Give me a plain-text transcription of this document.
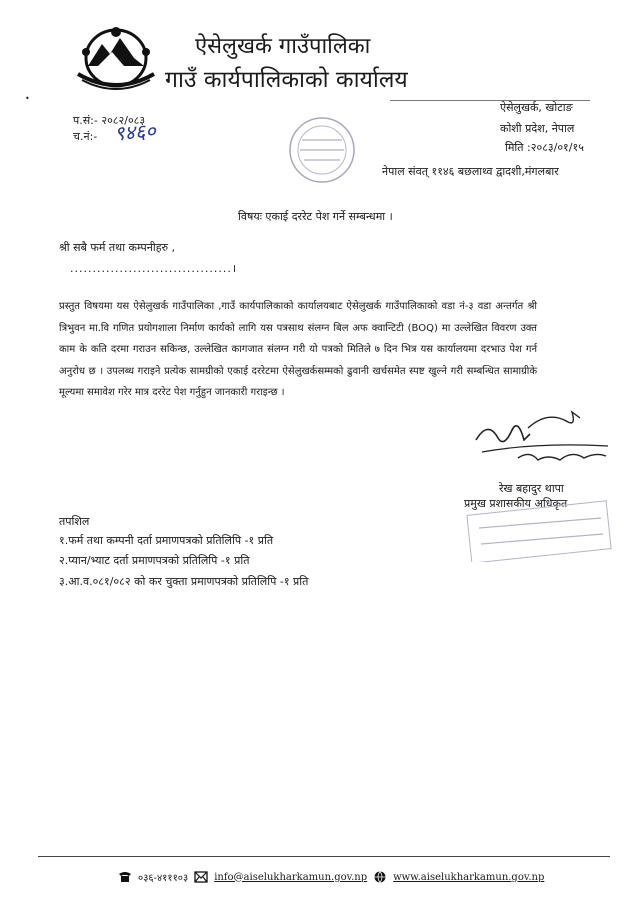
•
ऐसेलुखर्क गाउँपालिका
गाउँ कार्यपालिकाको कार्यालय
प.सं:- २०८२/०८३
च.नं:- ९४६०
ऐसेलुखर्क, खोटाङ
कोशी प्रदेश, नेपाल
मिति :२०८३/०१/१५
नेपाल संवत् ११४६ बछलाथ्व द्वादशी,मंगलबार
विषयः एकाई दररेट पेश गर्ने सम्बन्धमा ।
श्री सबै फर्म तथा कम्पनीहरु ,
....................................।
प्रस्तुत विषयमा यस ऐसेलुखर्क गाउँपालिका ,गाउँ कार्यपालिकाको कार्यालयबाट ऐसेलुखर्क गाउँपालिकाको वडा नं-३ वडा अन्तर्गत श्री त्रिभुवन मा.वि गणित प्रयोगशाला निर्माण कार्यको लागि यस पत्रसाथ संलग्न बिल अफ क्वान्टिटी (BOQ) मा उल्लेखित विवरण उक्त काम के कति दरमा गराउन सकिन्छ, उल्लेखित कागजात संलग्न गरी यो पत्रको मितिले ७ दिन भित्र यस कार्यालयमा दरभाउ पेश गर्न अनुरोध छ । उपलब्ध गराइने प्रत्येक सामग्रीको एकाई दररेटमा ऐसेलुखर्कसम्मको ढुवानी खर्चसमेत स्पष्ट खुल्ने गरी सम्बन्धित सामाग्रीके मूल्यमा समावेश गरेर मात्र दररेट पेश गर्नुहुन जानकारी गराइन्छ ।
रेख बहादुर थापा
प्रमुख प्रशासकीय अधिकृत
तपशिल
१.फर्म तथा कम्पनी दर्ता प्रमाणपत्रको प्रतिलिपि -१ प्रति
२.प्यान/भ्याट दर्ता प्रमाणपत्रको प्रतिलिपि -१ प्रति
३.आ.व.०८१/०८२ को कर चुक्ता प्रमाणपत्रको प्रतिलिपि -१ प्रति
०३६-४१११०३	info@aiselukharkamun.gov.np	www.aiselukharkamun.gov.np
